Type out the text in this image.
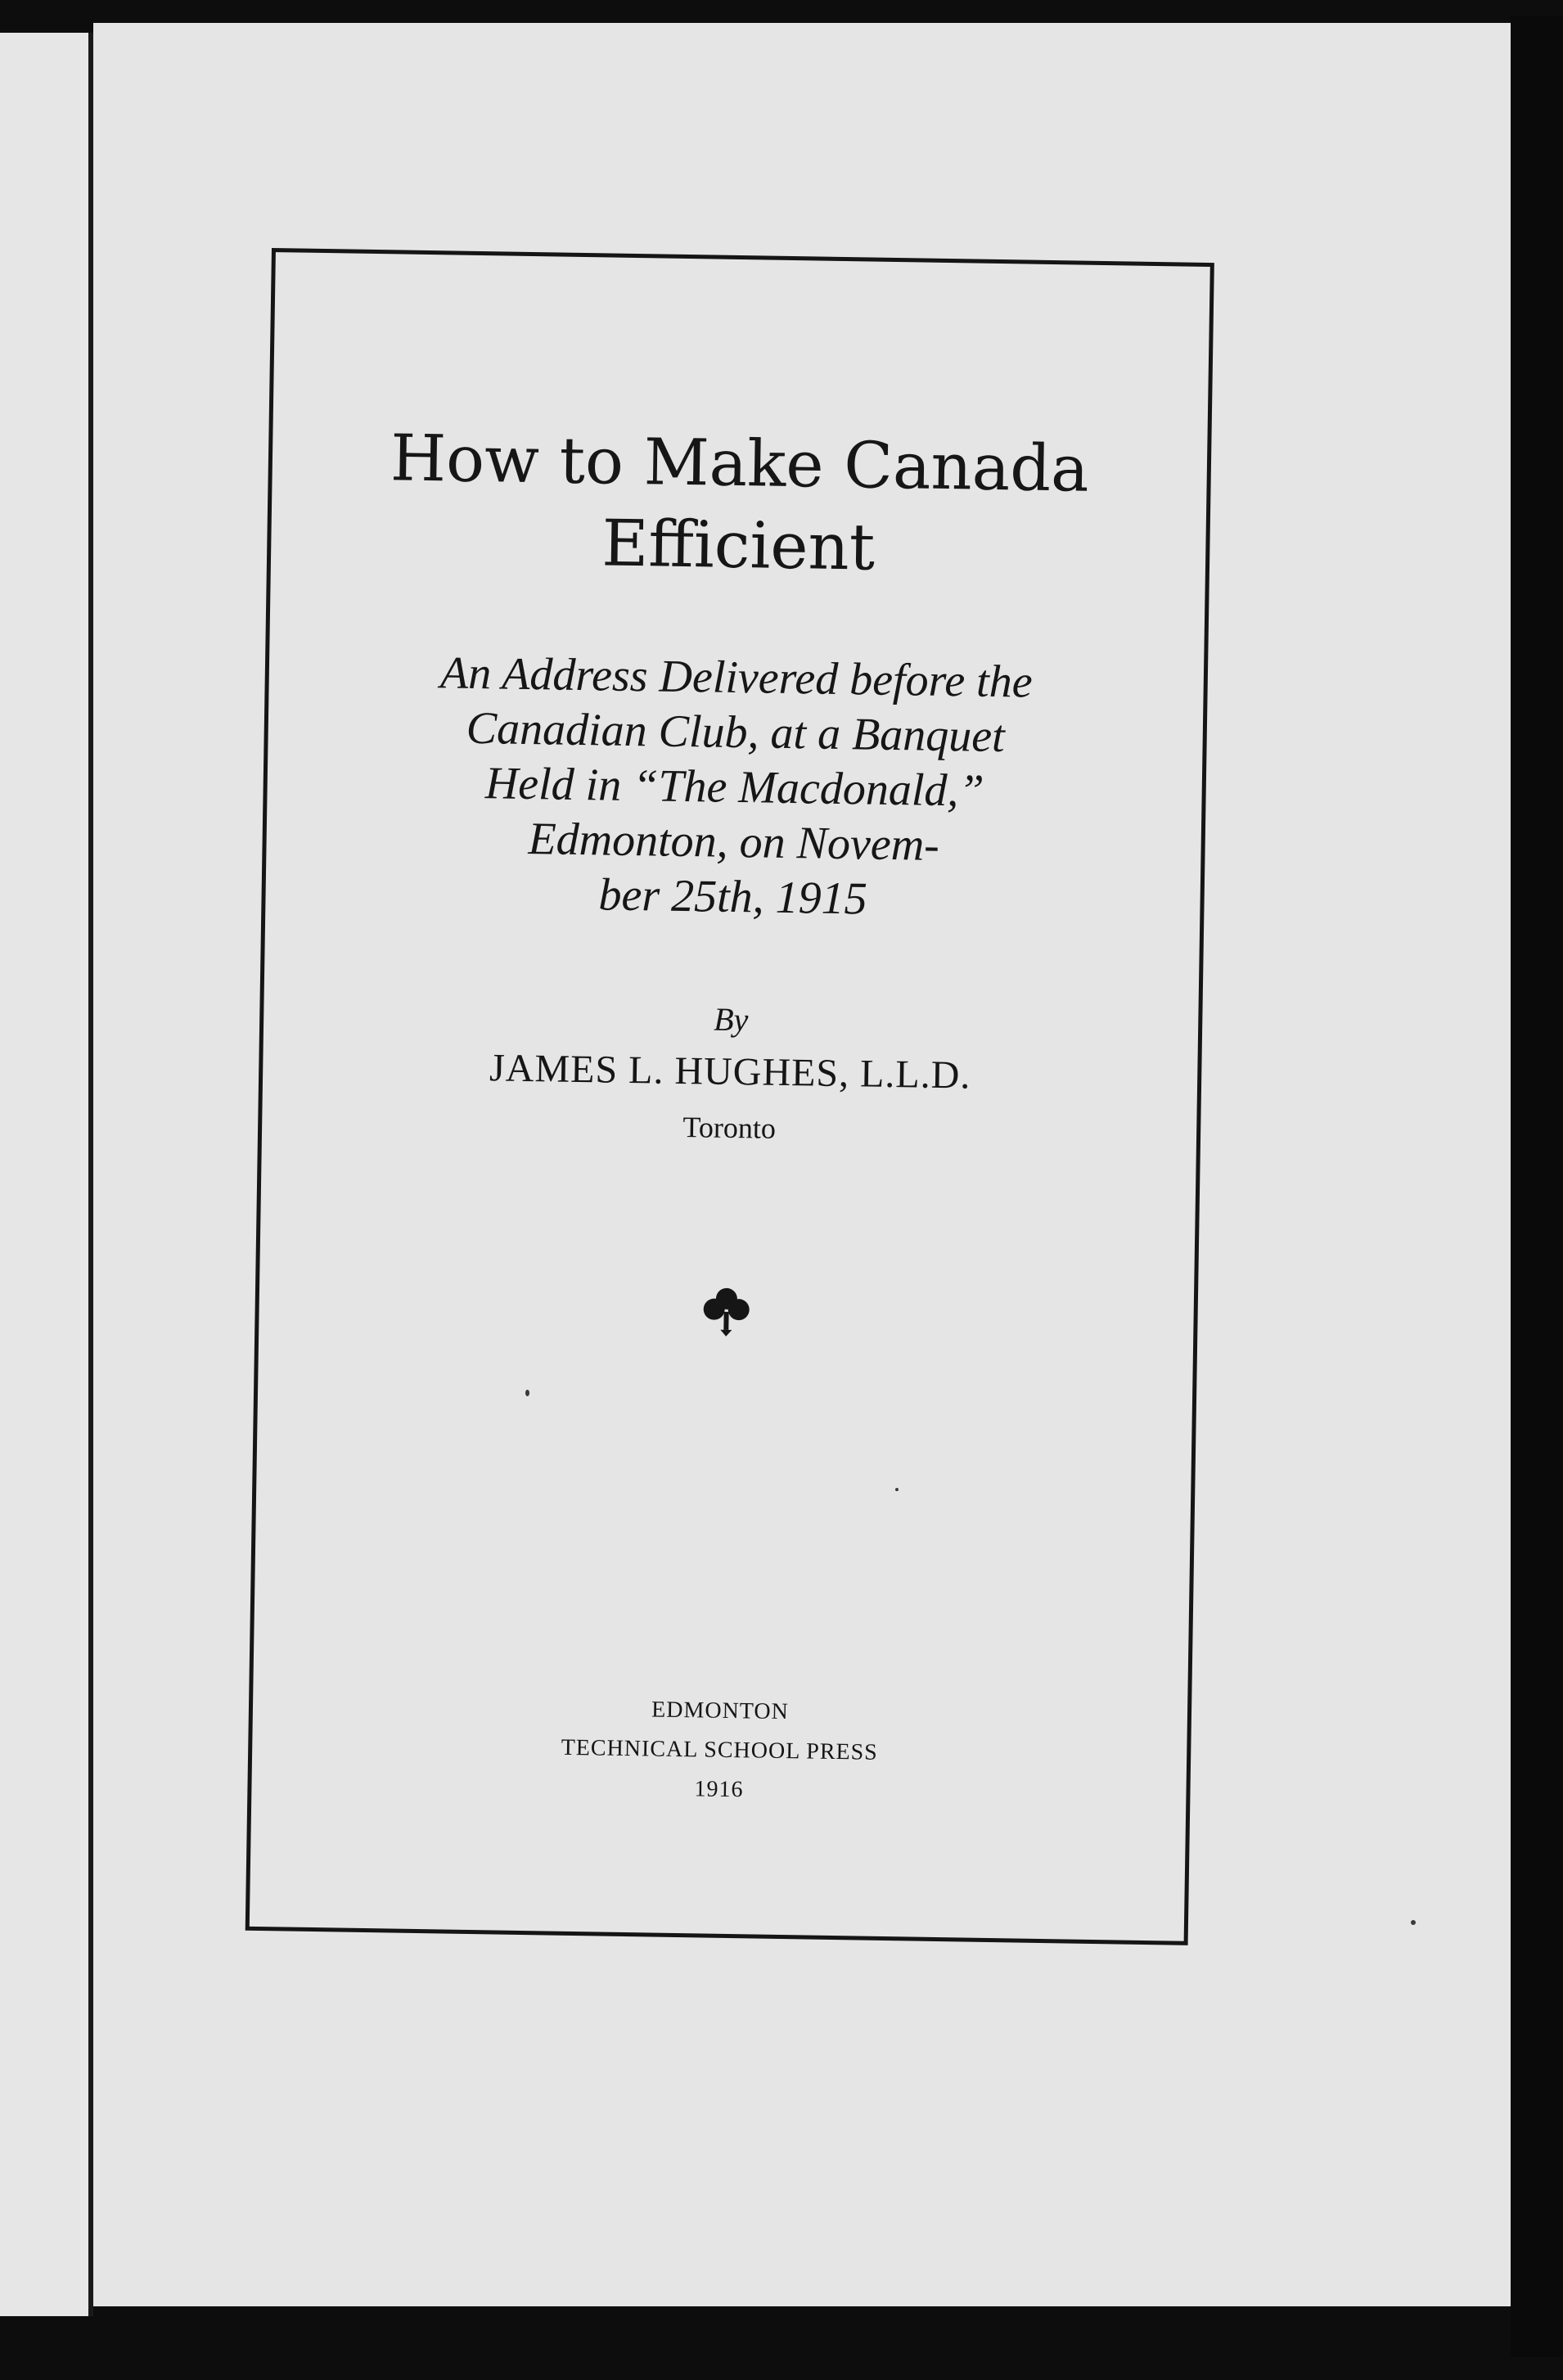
How to Make Canada
Efficient
An Address Delivered before the
Canadian Club, at a Banquet
Held in “The Macdonald,”
Edmonton, on Novem-
ber 25th, 1915
By
JAMES L. HUGHES, L.L.D.
Toronto
EDMONTON
TECHNICAL SCHOOL PRESS
1916
